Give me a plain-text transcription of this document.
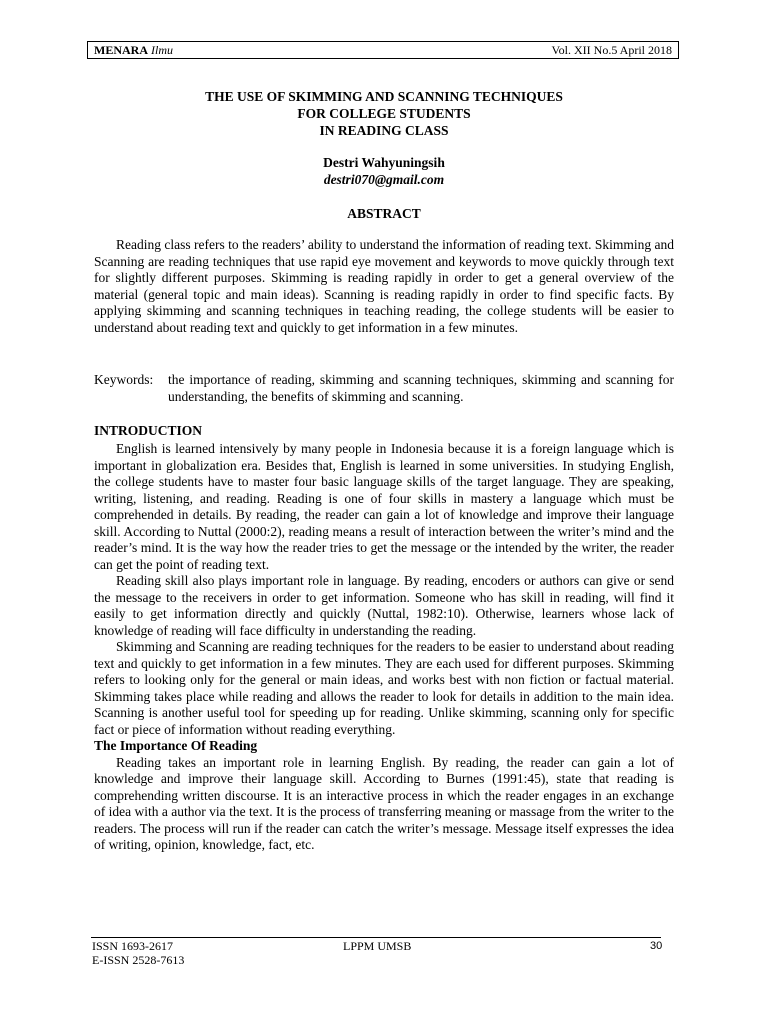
MENARA Ilmu	Vol. XII No.5 April 2018
THE USE OF SKIMMING AND SCANNING TECHNIQUES
FOR COLLEGE STUDENTS
IN READING CLASS
Destri Wahyuningsih
destri070@gmail.com
ABSTRACT

Reading class refers to the readers’ ability to understand the information of reading text. Skimming and Scanning are reading techniques that use rapid eye movement and keywords to move quickly through text for slightly different purposes. Skimming is reading rapidly in order to get a general overview of the material (general topic and main ideas). Scanning is reading rapidly in order to find specific facts. By applying skimming and scanning techniques in teaching reading, the college students will be easier to understand about reading text and quickly to get information in a few minutes.

Keywords:	the importance of reading, skimming and scanning techniques, skimming and scanning for understanding, the benefits of skimming and scanning.
INTRODUCTION

English is learned intensively by many people in Indonesia because it is a foreign language which is important in globalization era. Besides that, English is learned in some universities. In studying English, the college students have to master four basic language skills of the target language. They are speaking, writing, listening, and reading. Reading is one of four skills in mastery a language which must be comprehended in details. By reading, the reader can gain a lot of knowledge and improve their language skill. According to Nuttal (2000:2), reading means a result of interaction between the writer’s mind and the reader’s mind. It is the way how the reader tries to get the message or the intended by the writer, the reader can get the point of reading text.

Reading skill also plays important role in language. By reading, encoders or authors can give or send the message to the receivers in order to get information. Someone who has skill in reading, will find it easily to get information directly and quickly (Nuttal, 1982:10). Otherwise, learners whose lack of knowledge of reading will face difficulty in understanding the reading.

Skimming and Scanning are reading techniques for the readers to be easier to understand about reading text and quickly to get information in a few minutes. They are each used for different purposes. Skimming refers to looking only for the general or main ideas, and works best with non fiction or factual material. Skimming takes place while reading and allows the reader to look for details in addition to the main idea. Scanning is another useful tool for speeding up for reading. Unlike skimming, scanning only for specific fact or piece of information without reading everything.

The Importance Of Reading

Reading takes an important role in learning English. By reading, the reader can gain a lot of knowledge and improve their language skill. According to Burnes (1991:45), state that reading is comprehending written discourse. It is an interactive process in which the reader engages in an exchange of idea with a author via the text. It is the process of transferring meaning or massage from the writer to the readers. The process will run if the reader can catch the writer’s message. Message itself expresses the idea of writing, opinion, knowledge, fact, etc.

ISSN 1693-2617
E-ISSN 2528-7613
LPPM UMSB	30
